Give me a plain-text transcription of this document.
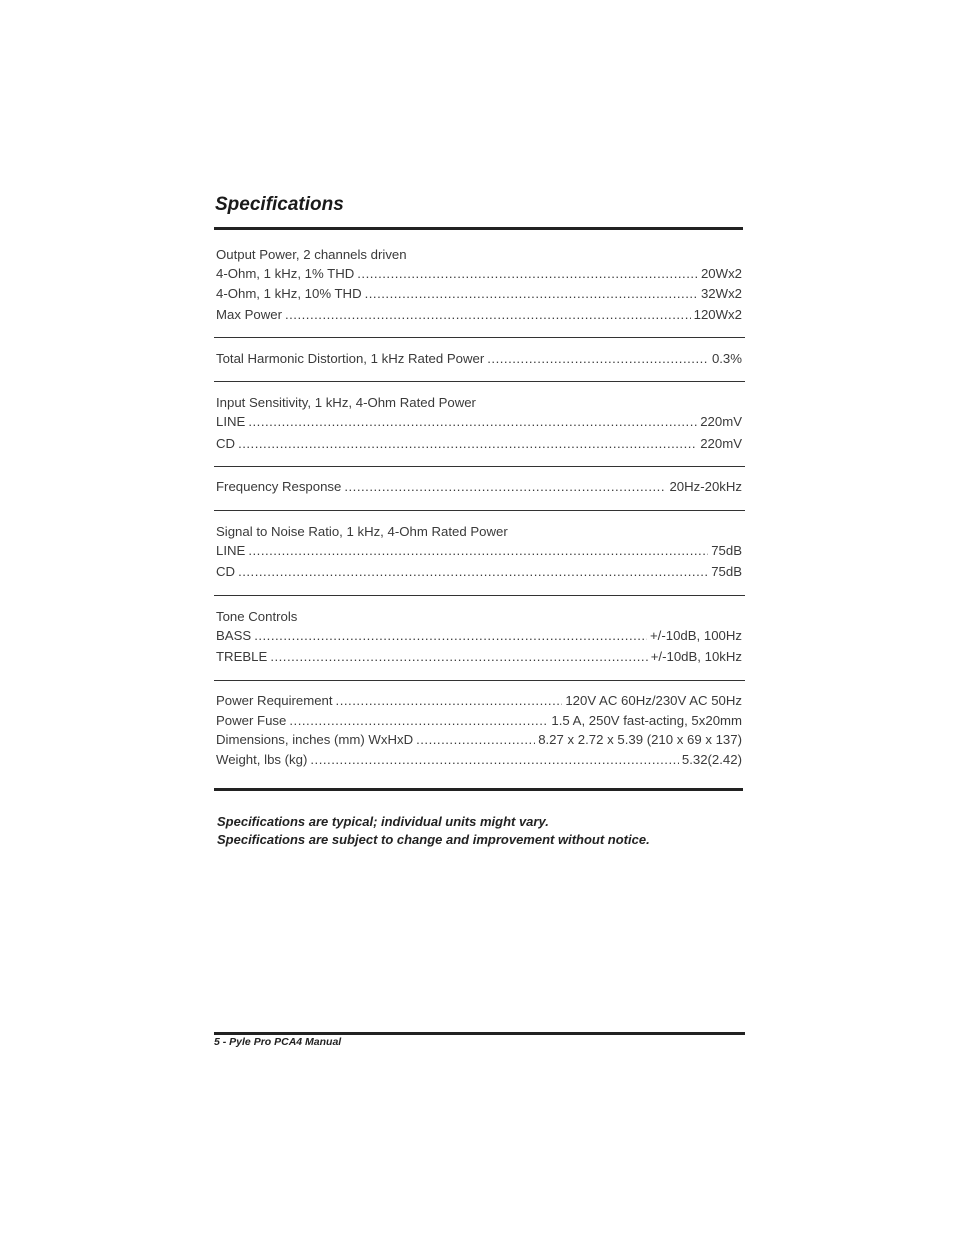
Specifications
Output Power, 2 channels driven
4-Ohm, 1 kHz, 1% THD .....	20Wx2
4-Ohm, 1 kHz, 10% THD .....	32Wx2
Max Power .....	120Wx2
Total Harmonic Distortion, 1 kHz Rated Power .....	0.3%
Input Sensitivity, 1 kHz, 4-Ohm Rated Power
LINE .....	220mV
CD .....	220mV
Frequency Response .....	20Hz-20kHz
Signal to Noise Ratio, 1 kHz, 4-Ohm Rated Power
LINE .....	75dB
CD .....	75dB
Tone Controls
BASS .....	+/-10dB, 100Hz
TREBLE .....	+/-10dB, 10kHz
Power Requirement .....	120V AC 60Hz/230V AC 50Hz
Power Fuse .....	1.5 A, 250V fast-acting, 5x20mm
Dimensions, inches (mm) WxHxD .....	8.27 x 2.72 x 5.39 (210 x 69 x 137)
Weight, lbs (kg) .....	5.32(2.42)
Specifications are typical; individual units might vary.
Specifications are subject to change and improvement without notice.
5 - Pyle Pro PCA4 Manual
